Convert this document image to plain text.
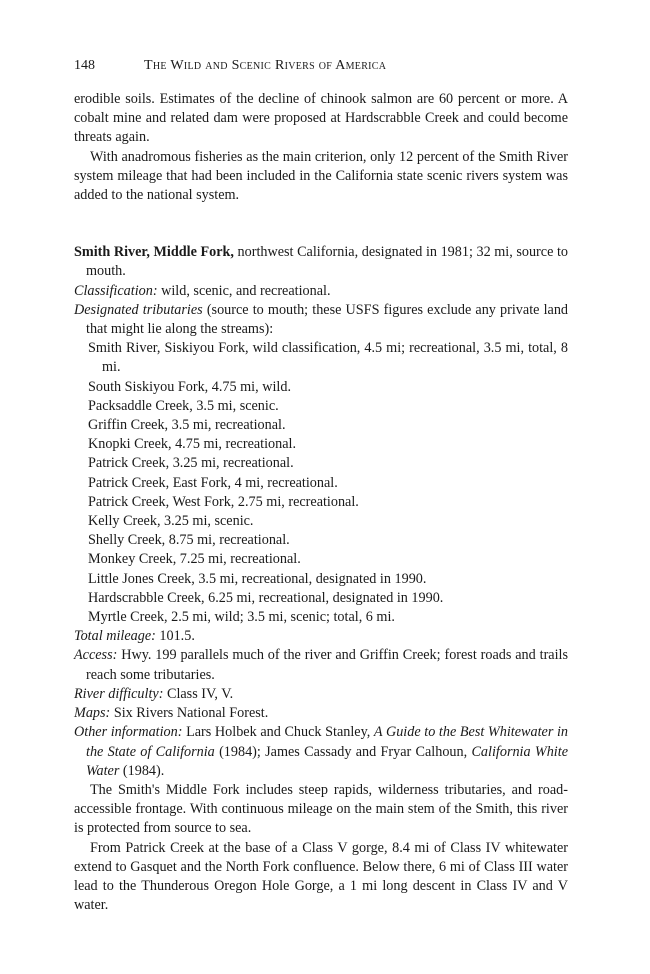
148	The Wild and Scenic Rivers of America

erodible soils. Estimates of the decline of chinook salmon are 60 percent or more. A cobalt mine and related dam were proposed at Hardscrabble Creek and could become threats again.

With anadromous fisheries as the main criterion, only 12 percent of the Smith River system mileage that had been included in the California state scenic rivers system was added to the national system.

Smith River, Middle Fork, northwest California, designated in 1981; 32 mi, source to mouth.

Classification: wild, scenic, and recreational.

Designated tributaries (source to mouth; these USFS figures exclude any private land that might lie along the streams):

Smith River, Siskiyou Fork, wild classification, 4.5 mi; recreational, 3.5 mi, total, 8 mi.

South Siskiyou Fork, 4.75 mi, wild.

Packsaddle Creek, 3.5 mi, scenic.

Griffin Creek, 3.5 mi, recreational.

Knopki Creek, 4.75 mi, recreational.

Patrick Creek, 3.25 mi, recreational.

Patrick Creek, East Fork, 4 mi, recreational.

Patrick Creek, West Fork, 2.75 mi, recreational.

Kelly Creek, 3.25 mi, scenic.

Shelly Creek, 8.75 mi, recreational.

Monkey Creek, 7.25 mi, recreational.

Little Jones Creek, 3.5 mi, recreational, designated in 1990.

Hardscrabble Creek, 6.25 mi, recreational, designated in 1990.

Myrtle Creek, 2.5 mi, wild; 3.5 mi, scenic; total, 6 mi.

Total mileage: 101.5.

Access: Hwy. 199 parallels much of the river and Griffin Creek; forest roads and trails reach some tributaries.

River difficulty: Class IV, V.

Maps: Six Rivers National Forest.

Other information: Lars Holbek and Chuck Stanley, A Guide to the Best Whitewater in the State of California (1984); James Cassady and Fryar Calhoun, California White Water (1984).

The Smith's Middle Fork includes steep rapids, wilderness tributaries, and road-accessible frontage. With continuous mileage on the main stem of the Smith, this river is protected from source to sea.

From Patrick Creek at the base of a Class V gorge, 8.4 mi of Class IV whitewater extend to Gasquet and the North Fork confluence. Below there, 6 mi of Class III water lead to the Thunderous Oregon Hole Gorge, a 1 mi long descent in Class IV and V water.
